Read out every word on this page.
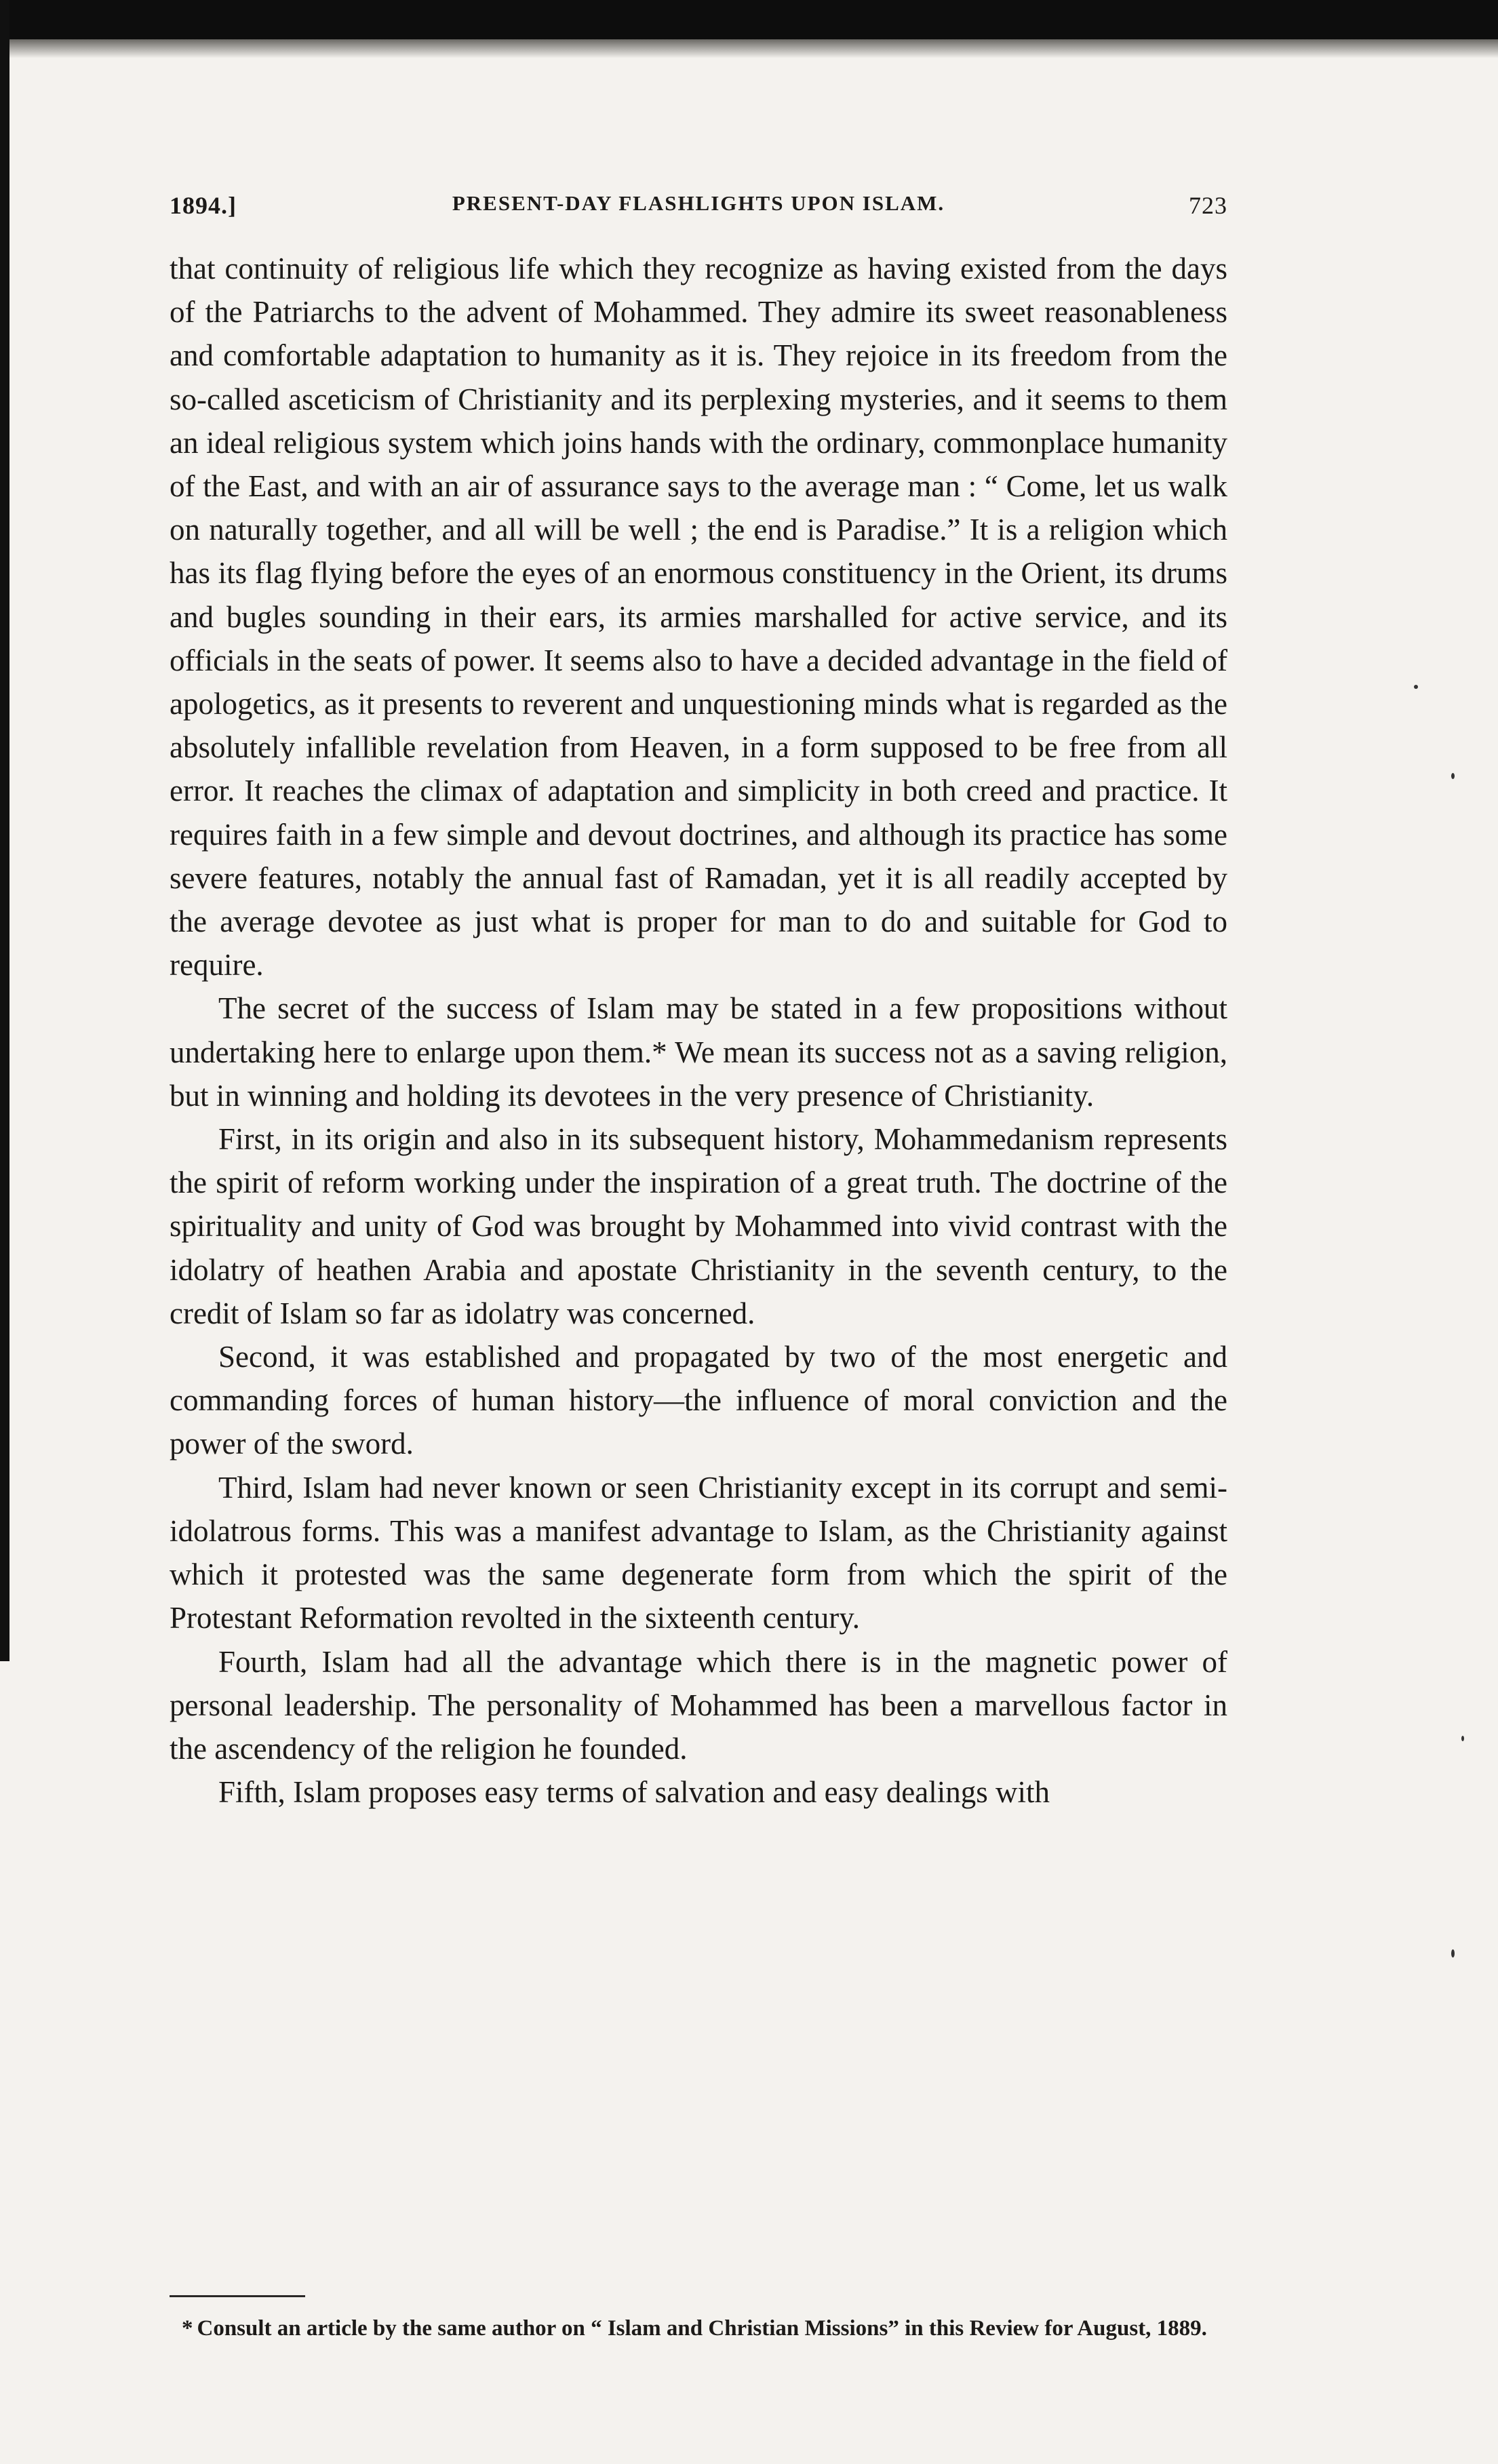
1894.]	PRESENT-DAY FLASHLIGHTS UPON ISLAM.	723

that continuity of religious life which they recognize as having existed from the days of the Patriarchs to the advent of Mohammed. They admire its sweet reasonableness and comfortable adaptation to humanity as it is. They rejoice in its freedom from the so-called asceticism of Christianity and its perplexing mysteries, and it seems to them an ideal religious system which joins hands with the ordinary, commonplace humanity of the East, and with an air of assurance says to the average man : “ Come, let us walk on naturally together, and all will be well ; the end is Paradise.” It is a religion which has its flag flying before the eyes of an enormous constituency in the Orient, its drums and bugles sounding in their ears, its armies marshalled for active service, and its officials in the seats of power. It seems also to have a decided advantage in the field of apologetics, as it presents to reverent and unquestioning minds what is regarded as the absolutely infallible revelation from Heaven, in a form supposed to be free from all error. It reaches the climax of adaptation and simplicity in both creed and practice. It requires faith in a few simple and devout doctrines, and although its practice has some severe features, notably the annual fast of Ramadan, yet it is all readily accepted by the average devotee as just what is proper for man to do and suitable for God to require.

The secret of the success of Islam may be stated in a few propositions without undertaking here to enlarge upon them.* We mean its success not as a saving religion, but in winning and holding its devotees in the very presence of Christianity.

First, in its origin and also in its subsequent history, Mohammedanism represents the spirit of reform working under the inspiration of a great truth. The doctrine of the spirituality and unity of God was brought by Mohammed into vivid contrast with the idolatry of heathen Arabia and apostate Christianity in the seventh century, to the credit of Islam so far as idolatry was concerned.

Second, it was established and propagated by two of the most energetic and commanding forces of human history—the influence of moral conviction and the power of the sword.

Third, Islam had never known or seen Christianity except in its corrupt and semi-idolatrous forms. This was a manifest advantage to Islam, as the Christianity against which it protested was the same degenerate form from which the spirit of the Protestant Reformation revolted in the sixteenth century.

Fourth, Islam had all the advantage which there is in the magnetic power of personal leadership. The personality of Mohammed has been a marvellous factor in the ascendency of the religion he founded.

Fifth, Islam proposes easy terms of salvation and easy dealings with

* Consult an article by the same author on “ Islam and Christian Missions” in this Review for August, 1889.
